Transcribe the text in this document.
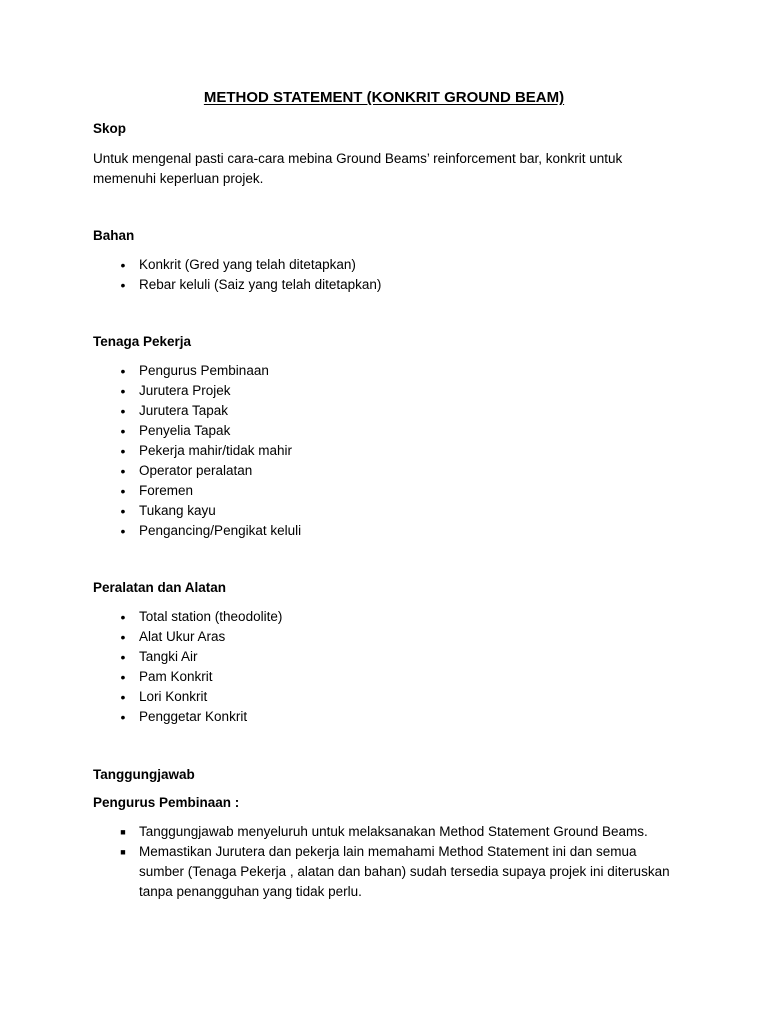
METHOD STATEMENT (KONKRIT GROUND BEAM)
Skop
Untuk mengenal pasti cara-cara mebina Ground Beams’ reinforcement bar, konkrit untuk memenuhi keperluan projek.
Bahan
•	Konkrit (Gred yang telah ditetapkan)
•	Rebar keluli (Saiz yang telah ditetapkan)
Tenaga Pekerja
•	Pengurus Pembinaan
•	Jurutera Projek
•	Jurutera Tapak
•	Penyelia Tapak
•	Pekerja mahir/tidak mahir
•	Operator peralatan
•	Foremen
•	Tukang kayu
•	Pengancing/Pengikat keluli
Peralatan dan Alatan
•	Total station (theodolite)
•	Alat Ukur Aras
•	Tangki Air
•	Pam Konkrit
•	Lori Konkrit
•	Penggetar Konkrit
Tanggungjawab
Pengurus Pembinaan :
■ Tanggungjawab menyeluruh untuk melaksanakan Method Statement Ground Beams.
■ Memastikan Jurutera dan pekerja lain memahami Method Statement ini dan semua sumber (Tenaga Pekerja , alatan dan bahan) sudah tersedia supaya projek ini diteruskan tanpa penangguhan yang tidak perlu.
